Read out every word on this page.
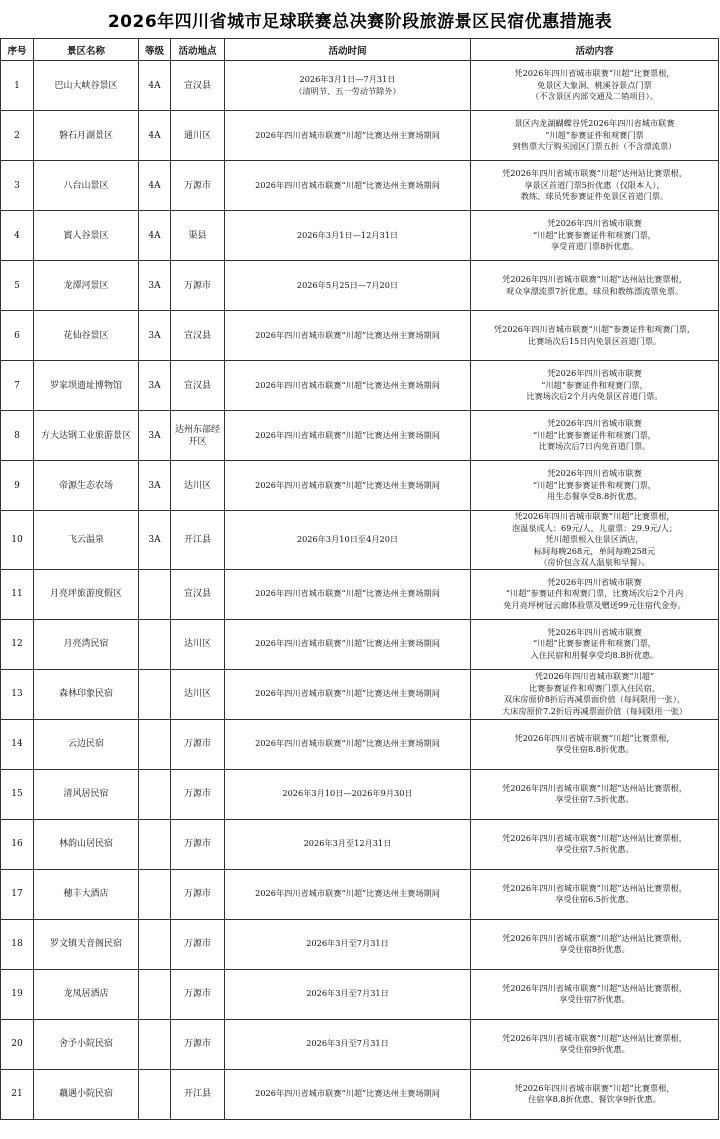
2026年四川省城市足球联赛总决赛阶段旅游景区民宿优惠措施表
序号	景区名称	等级	活动地点	活动时间	活动内容
1	巴山大峡谷景区	4A	宣汉县	2026年3月1日—7月31日
（清明节、五一劳动节除外）	凭2026年四川省城市联赛“川超”比赛票根，
免景区大象洞、桃溪谷景点门票
（不含景区内部交通及二销项目）。
2	磐石月湖景区	4A	通川区	2026年四川省城市联赛“川超”比赛达州主赛场期间	景区内龙湖蝴蝶谷凭2026年四川省城市联赛
“川超”参赛证件和观赛门票
到售票大厅购买园区门票五折（不含漂流票）
3	八台山景区	4A	万源市	2026年四川省城市联赛“川超”比赛达州主赛场期间	凭2026年四川省城市联赛“川超”达州站比赛票根，
享景区首道门票5折优惠（仅限本人），
教练、球员凭参赛证件免景区首道门票。
4	賨人谷景区	4A	渠县	2026年3月1日—12月31日	凭2026年四川省城市联赛
“川超”比赛参赛证件和观赛门票，
享受首道门票8折优惠。
5	龙潭河景区	3A	万源市	2026年5月25日—7月20日	凭2026年四川省城市联赛“川超”达州站比赛票根，
观众享漂流票7折优惠，球员和教练漂流票免票。
6	花仙谷景区	3A	宣汉县	2026年四川省城市联赛“川超”比赛达州主赛场期间	凭2026年四川省城市联赛“川超”参赛证件和观赛门票，
比赛场次后15日内免景区首道门票。
7	罗家坝遗址博物馆	3A	宣汉县	2026年四川省城市联赛“川超”比赛达州主赛场期间	凭2026年四川省城市联赛
“川超”参赛证件和观赛门票，
比赛场次后2个月内免景区首道门票。
8	方大达钢工业旅游景区	3A	达州东部经开区	2026年四川省城市联赛“川超”比赛达州主赛场期间	凭2026年四川省城市联赛
“川超”比赛参赛证件和观赛门票，
比赛场次后7日内免首道门票。
9	帝源生态农场	3A	达川区	2026年四川省城市联赛“川超”比赛达州主赛场期间	凭2026年四川省城市联赛
“川超”比赛参赛证件和观赛门票，
用生态餐享受8.8折优惠。
10	飞云温泉	3A	开江县	2026年3月10日至4月20日	凭2026年四川省城市联赛“川超”比赛票根，
泡温泉成人：69元/人，儿童票：29.9元/人；
凭川超票根入住景区酒店，
标间每晚268元，单间每晚258元
（房价包含双人温泉和早餐）。
11	月亮坪旅游度假区		宣汉县	2026年四川省城市联赛“川超”比赛达州主赛场期间	凭2026年四川省城市联赛
“川超”参赛证件和观赛门票，比赛场次后2个月内
免月亮坪树冠云廊体验票及赠送99元住宿代金券。
12	月亮湾民宿		达川区	2026年四川省城市联赛“川超”比赛达州主赛场期间	凭2026年四川省城市联赛
“川超”比赛参赛证件和观赛门票，
入住民宿和用餐享受均8.8折优惠。
13	森林印象民宿		达川区	2026年四川省城市联赛“川超”比赛达州主赛场期间	凭2026年四川省城市联赛“川超”
比赛参赛证件和观赛门票入住民宿，
双床房原价8折后再减票面价值（每间限用一张），
大床房原价7.2折后再减票面价值（每间限用一张）
14	云边民宿		万源市	2026年四川省城市联赛“川超”比赛达州主赛场期间	凭2026年四川省城市联赛“川超”比赛票根，
享受住宿8.8折优惠。
15	清风居民宿		万源市	2026年3月10日—2026年9月30日	凭2026年四川省城市联赛“川超”达州站比赛票根，
享受住宿7.5折优惠。
16	林韵山居民宿		万源市	2026年3月至12月31日	凭2026年四川省城市联赛“川超”达州站比赛票根，
享受住宿7.5折优惠。
17	穗丰大酒店		万源市	2026年四川省城市联赛“川超”比赛达州主赛场期间	凭2026年四川省城市联赛“川超”达州站比赛票根，
享受住宿6.5折优惠。
18	罗文镇天音阁民宿		万源市	2026年3月至7月31日	凭2026年四川省城市联赛“川超”达州站比赛票根，
享受住宿8折优惠。
19	龙凤居酒店		万源市	2026年3月至7月31日	凭2026年四川省城市联赛“川超”达州站比赛票根，
享受住宿7折优惠。
20	舍予小院民宿		万源市	2026年3月至7月31日	凭2026年四川省城市联赛“川超”达州站比赛票根，
享受住宿9折优惠。
21	藕遇小院民宿		开江县	2026年四川省城市联赛“川超”比赛达州主赛场期间	凭2026年四川省城市联赛“川超”比赛票根，
住宿享8.8折优惠、餐饮享9折优惠。
